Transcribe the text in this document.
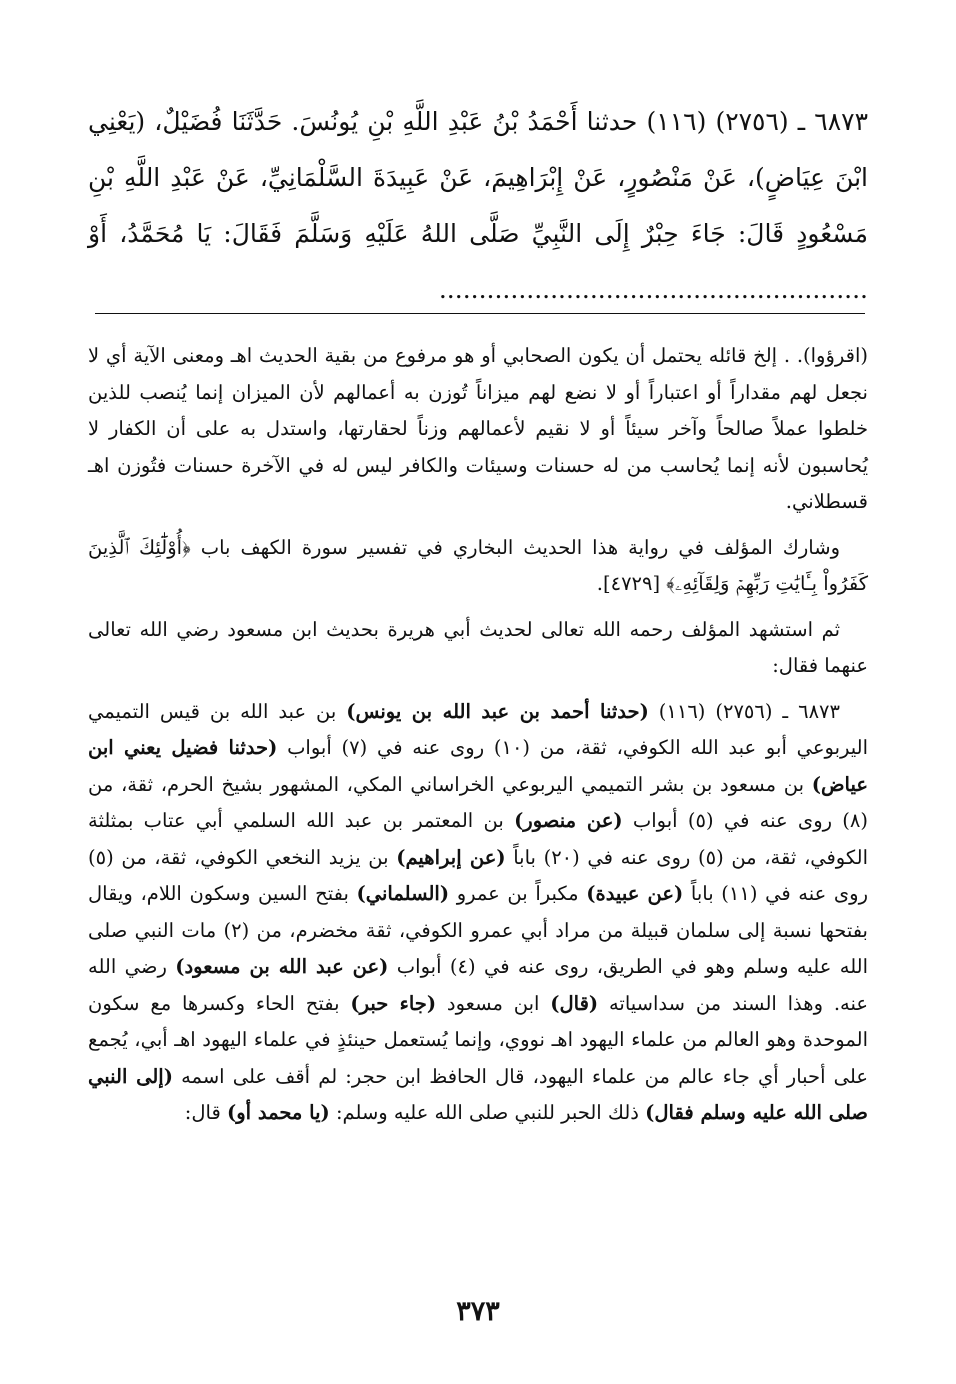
٦٨٧٣ ـ (٢٧٥٦) (١١٦) حدثنا أَحْمَدُ بْنُ عَبْدِ اللَّهِ بْنِ يُونُسَ. حَدَّثَنَا فُضَيْلٌ، (يَعْنِي ابْنَ عِيَاضٍ)، عَنْ مَنْصُورٍ، عَنْ إِبْرَاهِيمَ، عَنْ عَبِيدَةَ السَّلْمَانِيِّ، عَنْ عَبْدِ اللَّهِ بْنِ مَسْعُودٍ قَالَ: جَاءَ حِبْرٌ إِلَى النَّبِيِّ صَلَّى اللهُ عَلَيْهِ وَسَلَّمَ فَقَالَ: يَا مُحَمَّدُ، أَوْ ......................................................

(اقرؤوا). . إلخ قائله يحتمل أن يكون الصحابي أو هو مرفوع من بقية الحديث اهـ ومعنى الآية أي لا نجعل لهم مقداراً أو اعتباراً أو لا نضع لهم ميزاناً تُوزن به أعمالهم لأن الميزان إنما يُنصب للذين خلطوا عملاً صالحاً وآخر سيئاً أو لا نقيم لأعمالهم وزناً لحقارتها، واستدل به على أن الكفار لا يُحاسبون لأنه إنما يُحاسب من له حسنات وسيئات والكافر ليس له في الآخرة حسنات فتُوزن اهـ قسطلاني.

وشارك المؤلف في رواية هذا الحديث البخاري في تفسير سورة الكهف باب ﴿أُوْلَٰٓئِكَ ٱلَّذِينَ كَفَرُواْ بِـَٔايَٰتِ رَبِّهِمۡ وَلِقَآئِهِۦ﴾ [٤٧٢٩].

ثم استشهد المؤلف رحمه الله تعالى لحديث أبي هريرة بحديث ابن مسعود رضي الله تعالى عنهما فقال:

٦٨٧٣ ـ (٢٧٥٦) (١١٦) (حدثنا أحمد بن عبد الله بن يونس) بن عبد الله بن قيس التميمي اليربوعي أبو عبد الله الكوفي، ثقة، من (١٠) روى عنه في (٧) أبواب (حدثنا فضيل يعني ابن عياض) بن مسعود بن بشر التميمي اليربوعي الخراساني المكي، المشهور بشيخ الحرم، ثقة، من (٨) روى عنه في (٥) أبواب (عن منصور) بن المعتمر بن عبد الله السلمي أبي عتاب بمثلثة الكوفي، ثقة، من (٥) روى عنه في (٢٠) باباً (عن إبراهيم) بن يزيد النخعي الكوفي، ثقة، من (٥) روى عنه في (١١) باباً (عن عبيدة) مكبراً بن عمرو (السلماني) بفتح السين وسكون اللام، ويقال بفتحها نسبة إلى سلمان قبيلة من مراد أبي عمرو الكوفي، ثقة مخضرم، من (٢) مات النبي صلى الله عليه وسلم وهو في الطريق، روى عنه في (٤) أبواب (عن عبد الله بن مسعود) رضي الله عنه. وهذا السند من سداسياته (قال) ابن مسعود (جاء حبر) بفتح الحاء وكسرها مع سكون الموحدة وهو العالم من علماء اليهود اهـ نووي، وإنما يُستعمل حينئذٍ في علماء اليهود اهـ أبي، يُجمع على أحبار أي جاء عالم من علماء اليهود، قال الحافظ ابن حجر: لم أقف على اسمه (إلى النبي صلى الله عليه وسلم فقال) ذلك الحبر للنبي صلى الله عليه وسلم: (يا محمد أو) قال:

٣٧٣
